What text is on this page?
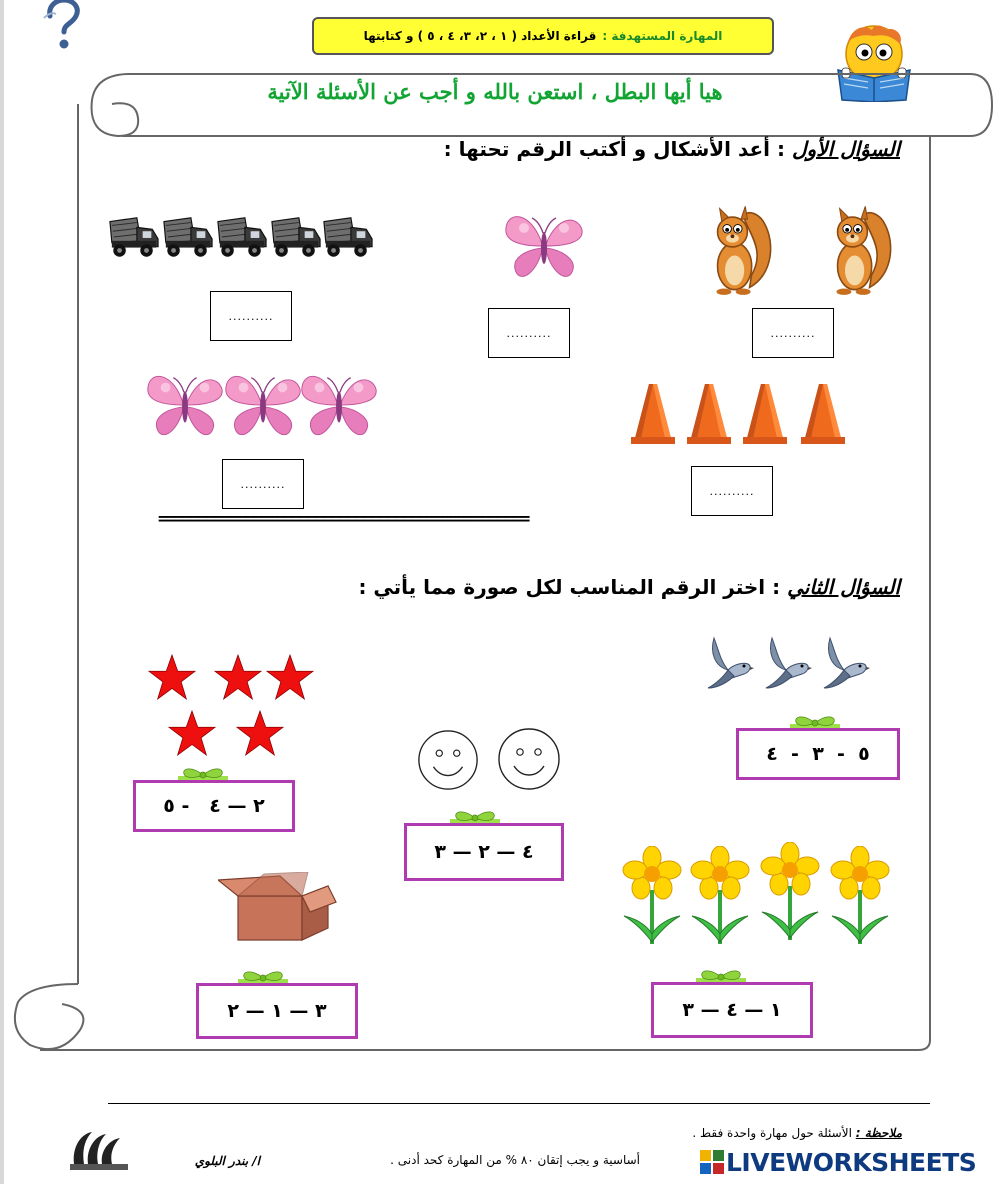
المهارة المستهدفة :
قراءة الأعداد ( ١ ، ٢، ٣، ٤ ، ٥ ) و كتابتها
هيا أيها البطل ، استعن بالله و أجب عن الأسئلة الآتية
السؤال الأول : أعد الأشكال و أكتب الرقم تحتها :
..........
..........	..........
..........
..........
===============================================
السؤال الثاني : اختر الرقم المناسب لكل صورة مما يأتي :
٥  -  ٣  -  ٤
٢ — ٤   - ٥
٤ — ٢ — ٣
١ — ٤ — ٣
٣ — ١ — ٢
ملاحظة : الأسئلة حول مهارة واحدة فقط .
أساسية و يجب إتقان ٨٠ % من المهارة كحد أدنى .
ا/ بندر البلوي	LIVEWORKSHEETS
